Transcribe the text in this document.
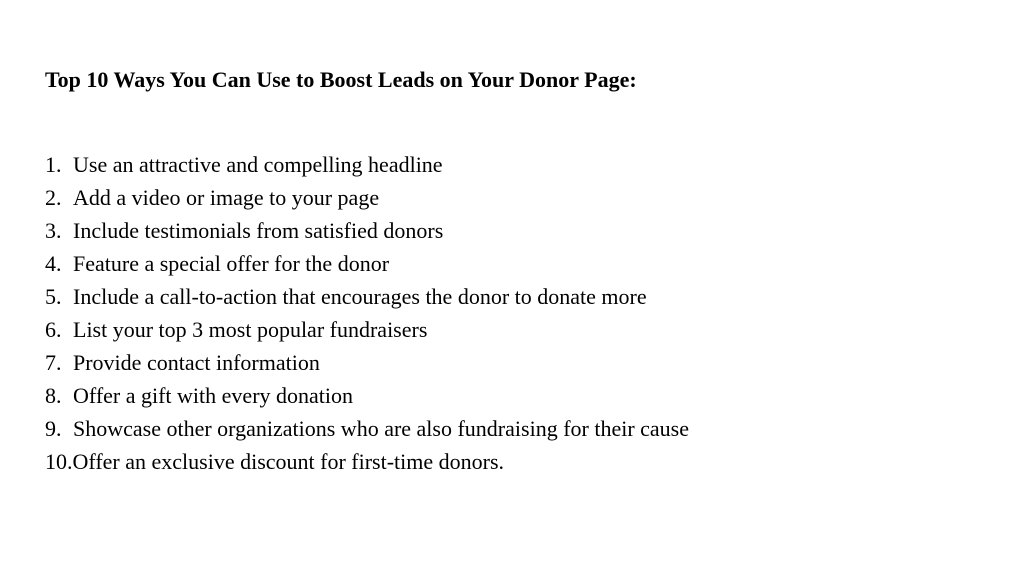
Top 10 Ways You Can Use to Boost Leads on Your Donor Page:
1. Use an attractive and compelling headline
2. Add a video or image to your page
3. Include testimonials from satisfied donors
4. Feature a special offer for the donor
5. Include a call-to-action that encourages the donor to donate more
6. List your top 3 most popular fundraisers
7. Provide contact information
8. Offer a gift with every donation
9. Showcase other organizations who are also fundraising for their cause
10.Offer an exclusive discount for first-time donors.
